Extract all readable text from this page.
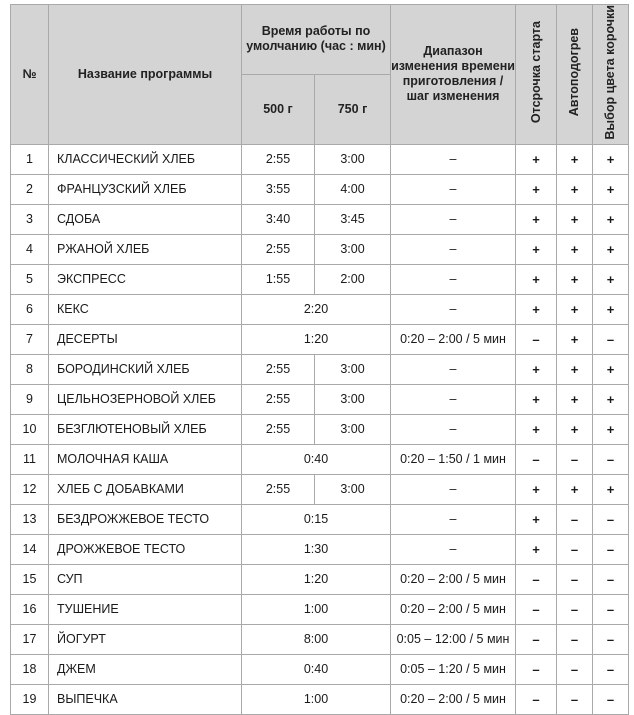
№	Название программы	Время работы по умолчанию (час : мин)		Диапазон изменения времени приготовления / шаг изменения	Отсрочка старта	Автоподогрев	Выбор цвета корочки
		500 г	750 г				
1	КЛАССИЧЕСКИЙ ХЛЕБ	2:55	3:00	–	+	+	+
2	ФРАНЦУЗСКИЙ ХЛЕБ	3:55	4:00	–	+	+	+
3	СДОБА	3:40	3:45	–	+	+	+
4	РЖАНОЙ ХЛЕБ	2:55	3:00	–	+	+	+
5	ЭКСПРЕСС	1:55	2:00	–	+	+	+
6	КЕКС	2:20		–	+	+	+
7	ДЕСЕРТЫ	1:20		0:20 – 2:00 / 5 мин	–	+	–
8	БОРОДИНСКИЙ ХЛЕБ	2:55	3:00	–	+	+	+
9	ЦЕЛЬНОЗЕРНОВОЙ ХЛЕБ	2:55	3:00	–	+	+	+
10	БЕЗГЛЮТЕНОВЫЙ ХЛЕБ	2:55	3:00	–	+	+	+
11	МОЛОЧНАЯ КАША	0:40		0:20 – 1:50 / 1 мин	–	–	–
12	ХЛЕБ С ДОБАВКАМИ	2:55	3:00	–	+	+	+
13	БЕЗДРОЖЖЕВОЕ ТЕСТО	0:15		–	+	–	–
14	ДРОЖЖЕВОЕ ТЕСТО	1:30		–	+	–	–
15	СУП	1:20		0:20 – 2:00 / 5 мин	–	–	–
16	ТУШЕНИЕ	1:00		0:20 – 2:00 / 5 мин	–	–	–
17	ЙОГУРТ	8:00		0:05 – 12:00 / 5 мин	–	–	–
18	ДЖЕМ	0:40		0:05 – 1:20 / 5 мин	–	–	–
19	ВЫПЕЧКА	1:00		0:20 – 2:00 / 5 мин	–	–	–
